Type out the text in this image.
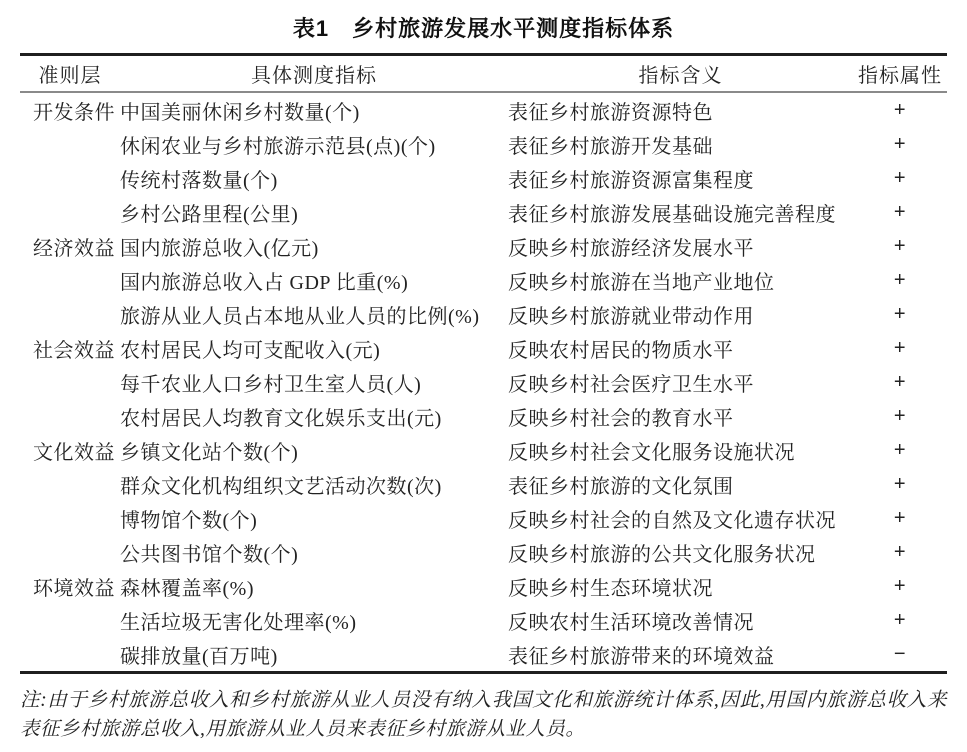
表1　乡村旅游发展水平测度指标体系
准则层	具体测度指标	指标含义	指标属性
开发条件	中国美丽休闲乡村数量(个)	表征乡村旅游资源特色	+
	休闲农业与乡村旅游示范县(点)(个)	表征乡村旅游开发基础	+
	传统村落数量(个)	表征乡村旅游资源富集程度	+
	乡村公路里程(公里)	表征乡村旅游发展基础设施完善程度	+
经济效益	国内旅游总收入(亿元)	反映乡村旅游经济发展水平	+
	国内旅游总收入占 GDP 比重(%)	反映乡村旅游在当地产业地位	+
	旅游从业人员占本地从业人员的比例(%)	反映乡村旅游就业带动作用	+
社会效益	农村居民人均可支配收入(元)	反映农村居民的物质水平	+
	每千农业人口乡村卫生室人员(人)	反映乡村社会医疗卫生水平	+
	农村居民人均教育文化娱乐支出(元)	反映乡村社会的教育水平	+
文化效益	乡镇文化站个数(个)	反映乡村社会文化服务设施状况	+
	群众文化机构组织文艺活动次数(次)	表征乡村旅游的文化氛围	+
	博物馆个数(个)	反映乡村社会的自然及文化遗存状况	+
	公共图书馆个数(个)	反映乡村旅游的公共文化服务状况	+
环境效益	森林覆盖率(%)	反映乡村生态环境状况	+
	生活垃圾无害化处理率(%)	反映农村生活环境改善情况	+
	碳排放量(百万吨)	表征乡村旅游带来的环境效益	−
注:由于乡村旅游总收入和乡村旅游从业人员没有纳入我国文化和旅游统计体系,因此,用国内旅游总收入来表征乡村旅游总收入,用旅游从业人员来表征乡村旅游从业人员。
